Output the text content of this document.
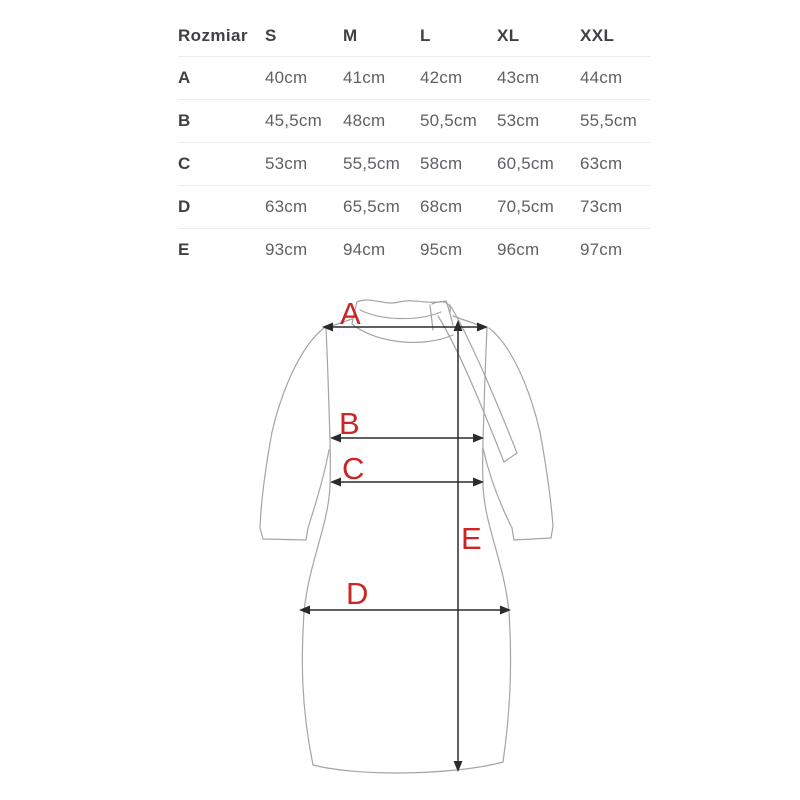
Rozmiar	S	M	L	XL	XXL
A	40cm	41cm	42cm	43cm	44cm
B	45,5cm	48cm	50,5cm	53cm	55,5cm
C	53cm	55,5cm	58cm	60,5cm	63cm
D	63cm	65,5cm	68cm	70,5cm	73cm
E	93cm	94cm	95cm	96cm	97cm
A
B
C
D
E
